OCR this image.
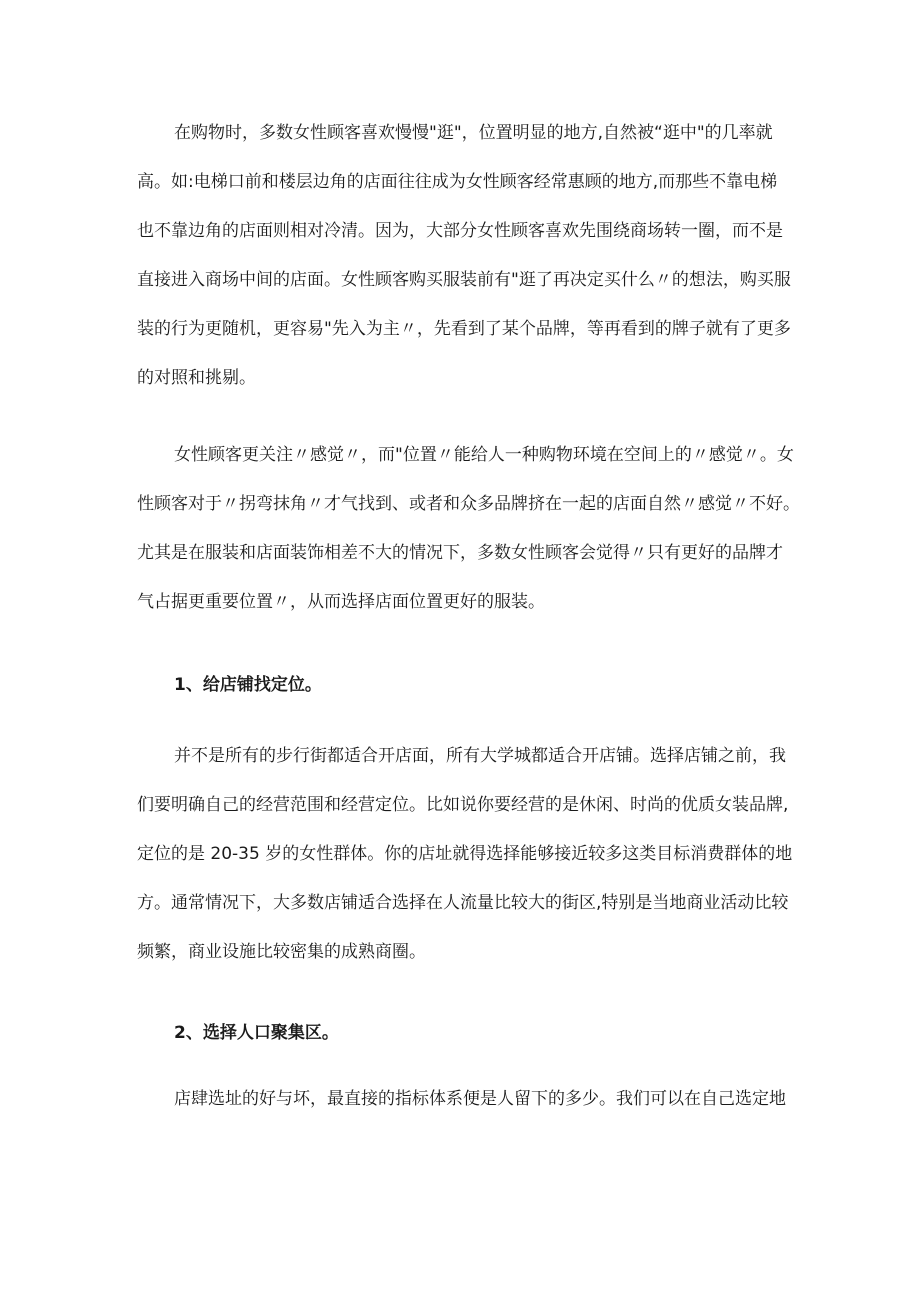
在购物时，多数女性顾客喜欢慢慢"逛"，位置明显的地方,自然被“逛中"的几率就
高。如:电梯口前和楼层边角的店面往往成为女性顾客经常惠顾的地方,而那些不靠电梯
也不靠边角的店面则相对冷清。因为，大部分女性顾客喜欢先围绕商场转一圈，而不是
直接进入商场中间的店面。女性顾客购买服装前有"逛了再决定买什么〃的想法，购买服
装的行为更随机，更容易"先入为主〃，先看到了某个品牌，等再看到的牌子就有了更多
的对照和挑剔。
女性顾客更关注〃感觉〃，而"位置〃能给人一种购物环境在空间上的〃感觉〃。女
性顾客对于〃拐弯抹角〃才气找到、或者和众多品牌挤在一起的店面自然〃感觉〃不好。
尤其是在服装和店面装饰相差不大的情况下，多数女性顾客会觉得〃只有更好的品牌才
气占据更重要位置〃，从而选择店面位置更好的服装。
1、给店铺找定位。
并不是所有的步行街都适合开店面，所有大学城都适合开店铺。选择店铺之前，我
们要明确自己的经营范围和经营定位。比如说你要经营的是休闲、时尚的优质女装品牌,
定位的是 20-35 岁的女性群体。你的店址就得选择能够接近较多这类目标消费群体的地
方。通常情况下，大多数店铺适合选择在人流量比较大的街区,特别是当地商业活动比较
频繁，商业设施比较密集的成熟商圈。
2、选择人口聚集区。
店肆选址的好与坏，最直接的指标体系便是人留下的多少。我们可以在自己选定地
